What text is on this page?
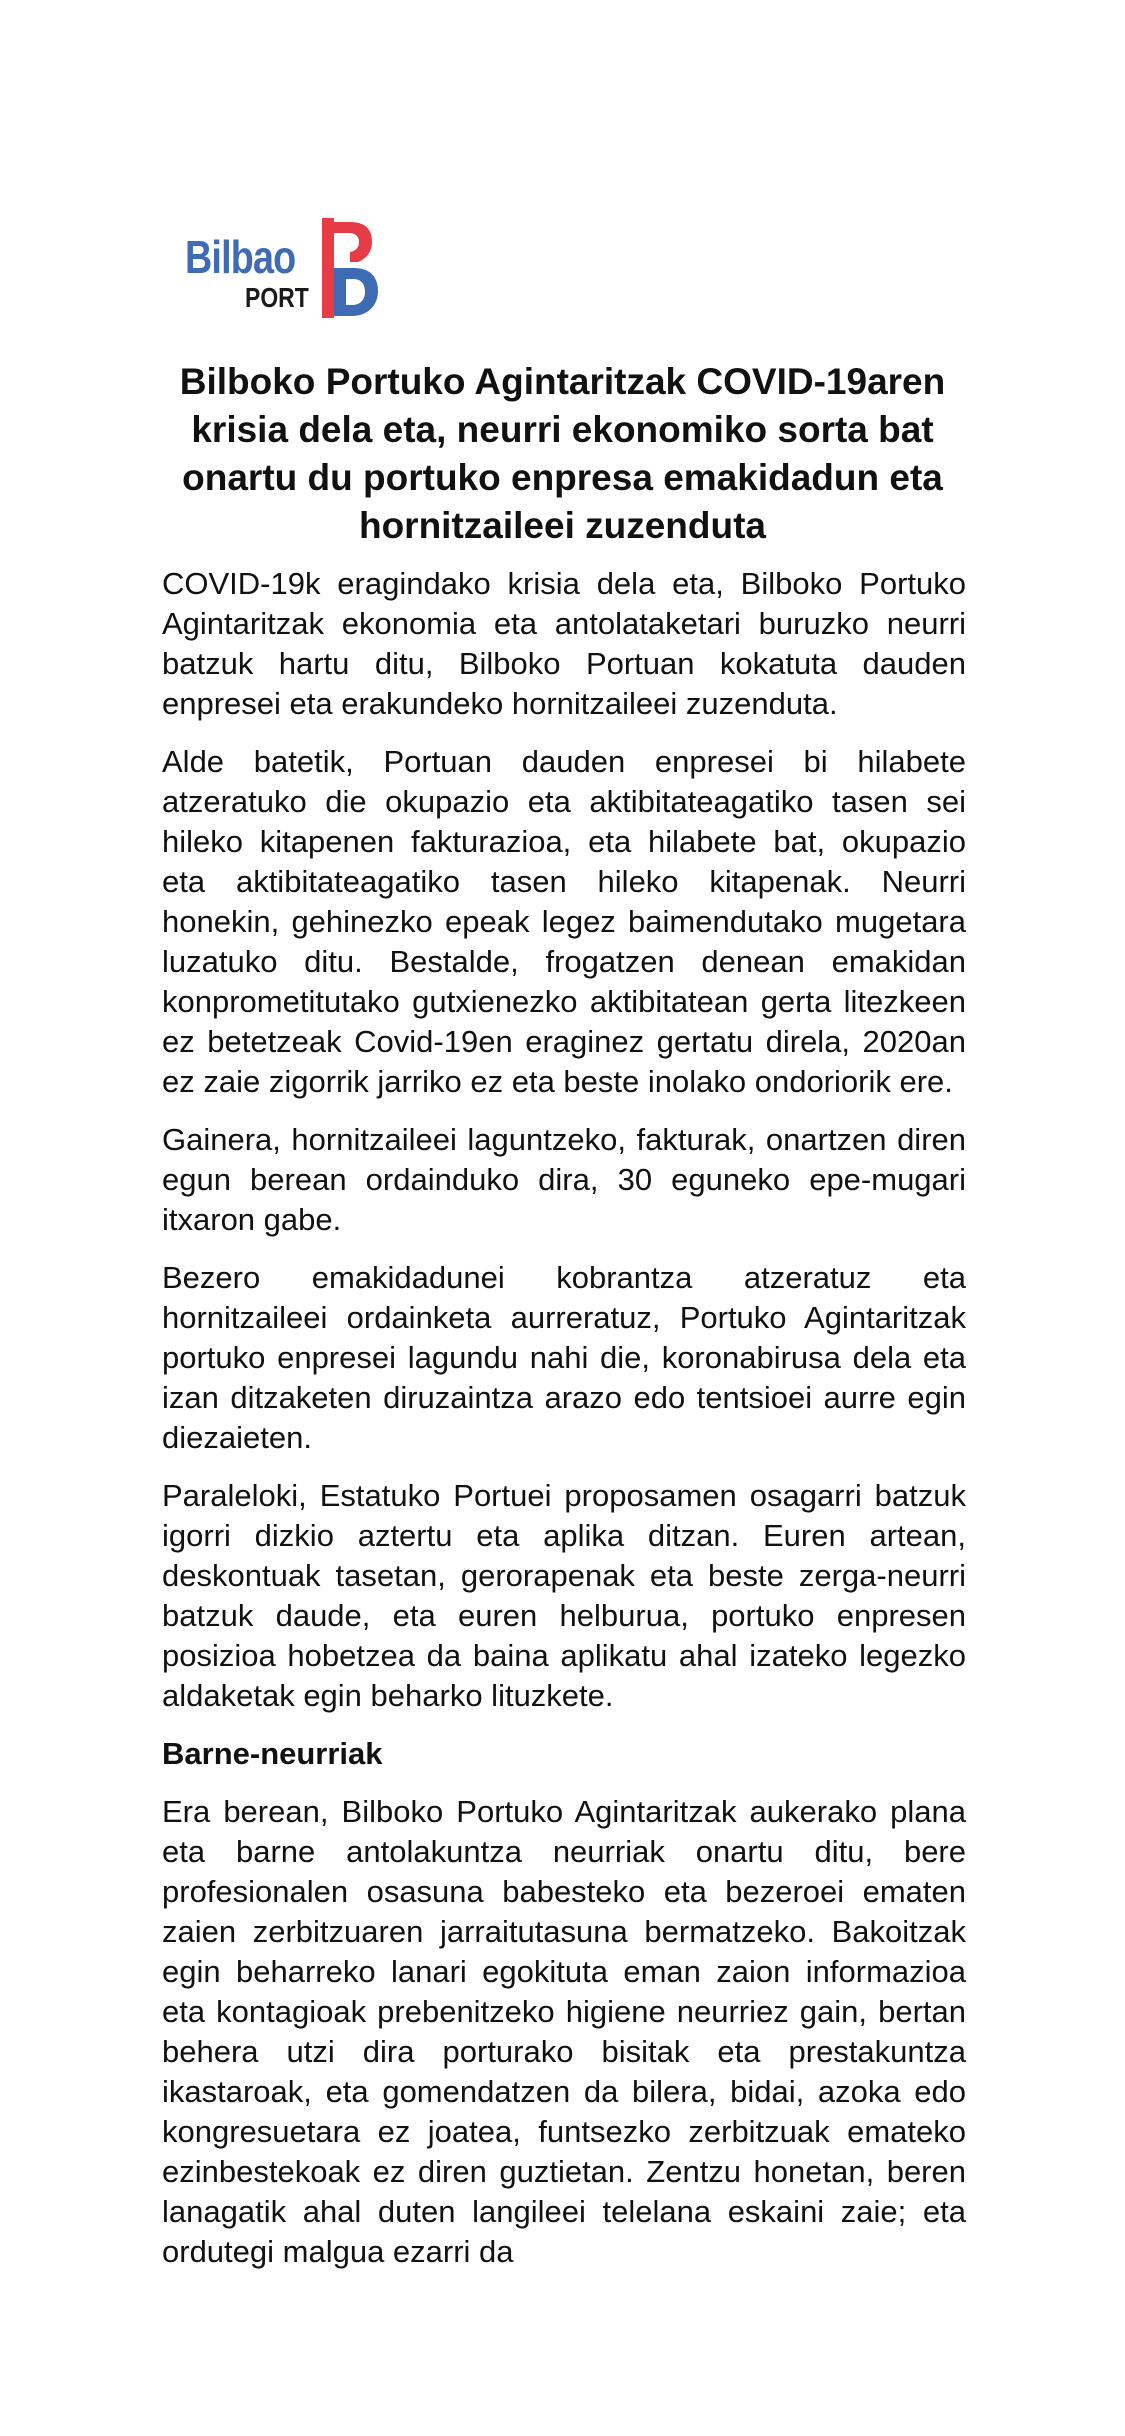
Bilbao
PORT
Bilboko Portuko Agintaritzak COVID-19aren krisia dela eta, neurri ekonomiko sorta bat onartu du portuko enpresa emakidadun eta hornitzaileei zuzenduta

COVID-19k eragindako krisia dela eta, Bilboko Portuko Agintaritzak ekonomia eta antolataketari buruzko neurri batzuk hartu ditu, Bilboko Portuan kokatuta dauden enpresei eta erakundeko hornitzaileei zuzenduta.

Alde batetik, Portuan dauden enpresei bi hilabete atzeratuko die okupazio eta aktibitateagatiko tasen sei hileko kitapenen fakturazioa, eta hilabete bat, okupazio eta aktibitateagatiko tasen hileko kitapenak. Neurri honekin, gehinezko epeak legez baimendutako mugetara luzatuko ditu. Bestalde, frogatzen denean emakidan konprometitutako gutxienezko aktibitatean gerta litezkeen ez betetzeak Covid-19en eraginez gertatu direla, 2020an ez zaie zigorrik jarriko ez eta beste inolako ondoriorik ere.

Gainera, hornitzaileei laguntzeko, fakturak, onartzen diren egun berean ordainduko dira, 30 eguneko epe-mugari itxaron gabe.

Bezero emakidadunei kobrantza atzeratuz eta hornitzaileei ordainketa aurreratuz, Portuko Agintaritzak portuko enpresei lagundu nahi die, koronabirusa dela eta izan ditzaketen diruzaintza arazo edo tentsioei aurre egin diezaieten.

Paraleloki, Estatuko Portuei proposamen osagarri batzuk igorri dizkio aztertu eta aplika ditzan. Euren artean, deskontuak tasetan, gerorapenak eta beste zerga-neurri batzuk daude, eta euren helburua, portuko enpresen posizioa hobetzea da baina aplikatu ahal izateko legezko aldaketak egin beharko lituzkete.

Barne-neurriak

Era berean, Bilboko Portuko Agintaritzak aukerako plana eta barne antolakuntza neurriak onartu ditu, bere profesionalen osasuna babesteko eta bezeroei ematen zaien zerbitzuaren jarraitutasuna bermatzeko. Bakoitzak egin beharreko lanari egokituta eman zaion informazioa eta kontagioak prebenitzeko higiene neurriez gain, bertan behera utzi dira porturako bisitak eta prestakuntza ikastaroak, eta gomendatzen da bilera, bidai, azoka edo kongresuetara ez joatea, funtsezko zerbitzuak emateko ezinbestekoak ez diren guztietan. Zentzu honetan, beren lanagatik ahal duten langileei telelana eskaini zaie; eta ordutegi malgua ezarri da
